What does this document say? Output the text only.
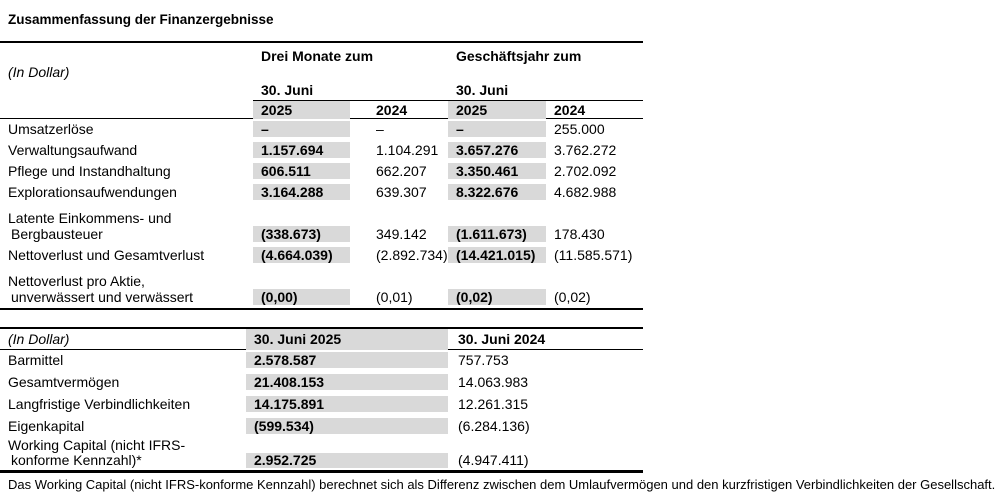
Zusammenfassung der Finanzergebnisse
(In Dollar)
Drei Monate zum
30. Juni
Geschäftsjahr zum
30. Juni
2025	2024	2025	2024
Umsatzerlöse	–	–	–	255.000
Verwaltungsaufwand	1.157.694	1.104.291	3.657.276	3.762.272
Pflege und Instandhaltung	606.511	662.207	3.350.461	2.702.092
Explorationsaufwendungen	3.164.288	639.307	8.322.676	4.682.988
Latente Einkommens- und
Bergbausteuer	(338.673)	349.142	(1.611.673)	178.430
Nettoverlust und Gesamtverlust	(4.664.039)	(2.892.734) (14.421.015)	(11.585.571)
Nettoverlust pro Aktie,
unverwässert und verwässert	(0,00)	(0,01)	(0,02)	(0,02)
(In Dollar)	30. Juni 2025	30. Juni 2024
Barmittel	2.578.587	757.753
Gesamtvermögen	21.408.153	14.063.983
Langfristige Verbindlichkeiten	14.175.891	12.261.315
Eigenkapital	(599.534)	(6.284.136)
Working Capital (nicht IFRS-
konforme Kennzahl)*	2.952.725	(4.947.411)
Das Working Capital (nicht IFRS-konforme Kennzahl) berechnet sich als Differenz zwischen dem Umlaufvermögen und den kurzfristigen Verbindlichkeiten der Gesellschaft.
